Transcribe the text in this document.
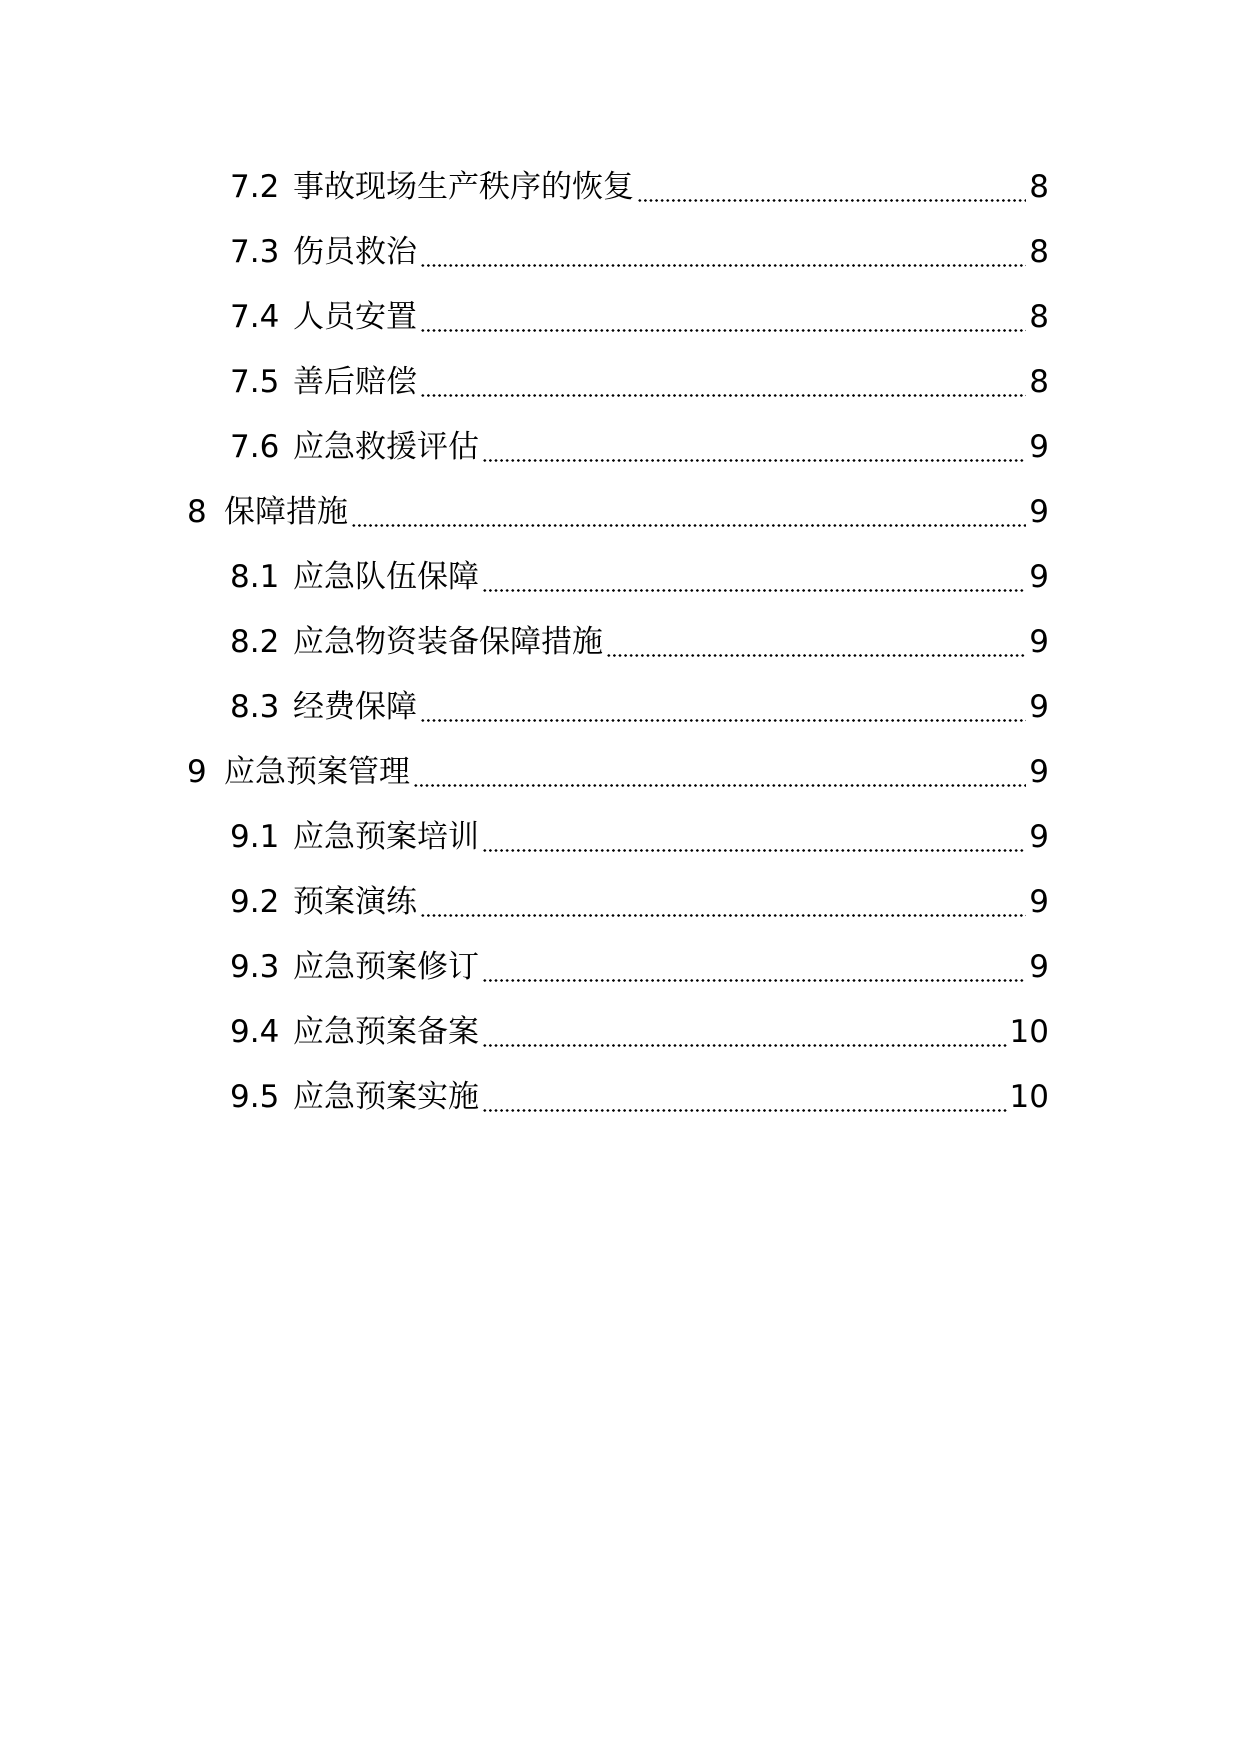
7.2 事故现场生产秩序的恢复	8
7.3 伤员救治	8
7.4 人员安置	8
7.5 善后赔偿	8
7.6 应急救援评估	9
8 保障措施	9
8.1 应急队伍保障	9
8.2 应急物资装备保障措施	9
8.3 经费保障	9
9 应急预案管理	9
9.1 应急预案培训	9
9.2 预案演练	9
9.3 应急预案修订	9
9.4 应急预案备案	10
9.5 应急预案实施	10
